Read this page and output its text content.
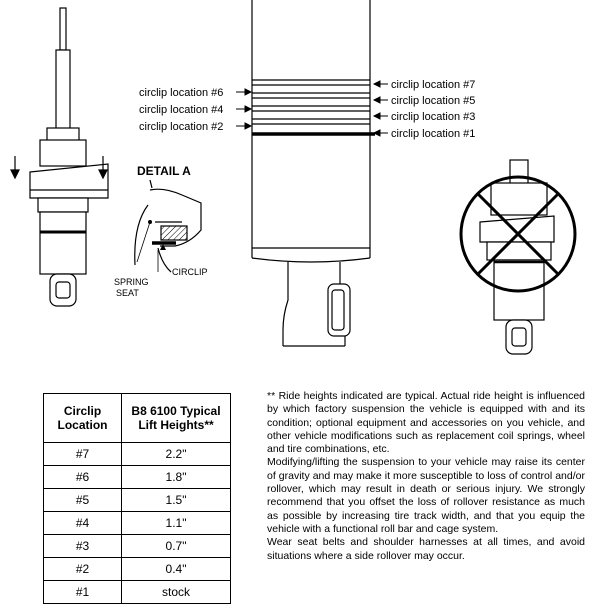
DETAIL A
SPRING
SEAT
CIRCLIP
circlip location #6
circlip location #4
circlip location #2
circlip location #7
circlip location #5
circlip location #3
circlip location #1
Circlip
Location	B8 6100 Typical
Lift Heights**
#7	2.2"
#6	1.8"
#5	1.5"
#4	1.1"
#3	0.7"
#2	0.4"
#1	stock

** Ride heights indicated are typical. Actual ride height is influenced by which factory suspension the vehicle is equipped with and its condition; optional equipment and accessories on you vehicle, and other vehicle modifications such as replacement coil springs, wheel and tire combinations, etc.

Modifying/lifting the suspension to your vehicle may raise its center of gravity and may make it more susceptible to loss of control and/or rollover, which may result in death or serious injury. We strongly recommend that you offset the loss of rollover resistance as much as possible by increasing tire track width, and that you equip the vehicle with a functional roll bar and cage system.

Wear seat belts and shoulder harnesses at all times, and avoid situations where a side rollover may occur.
